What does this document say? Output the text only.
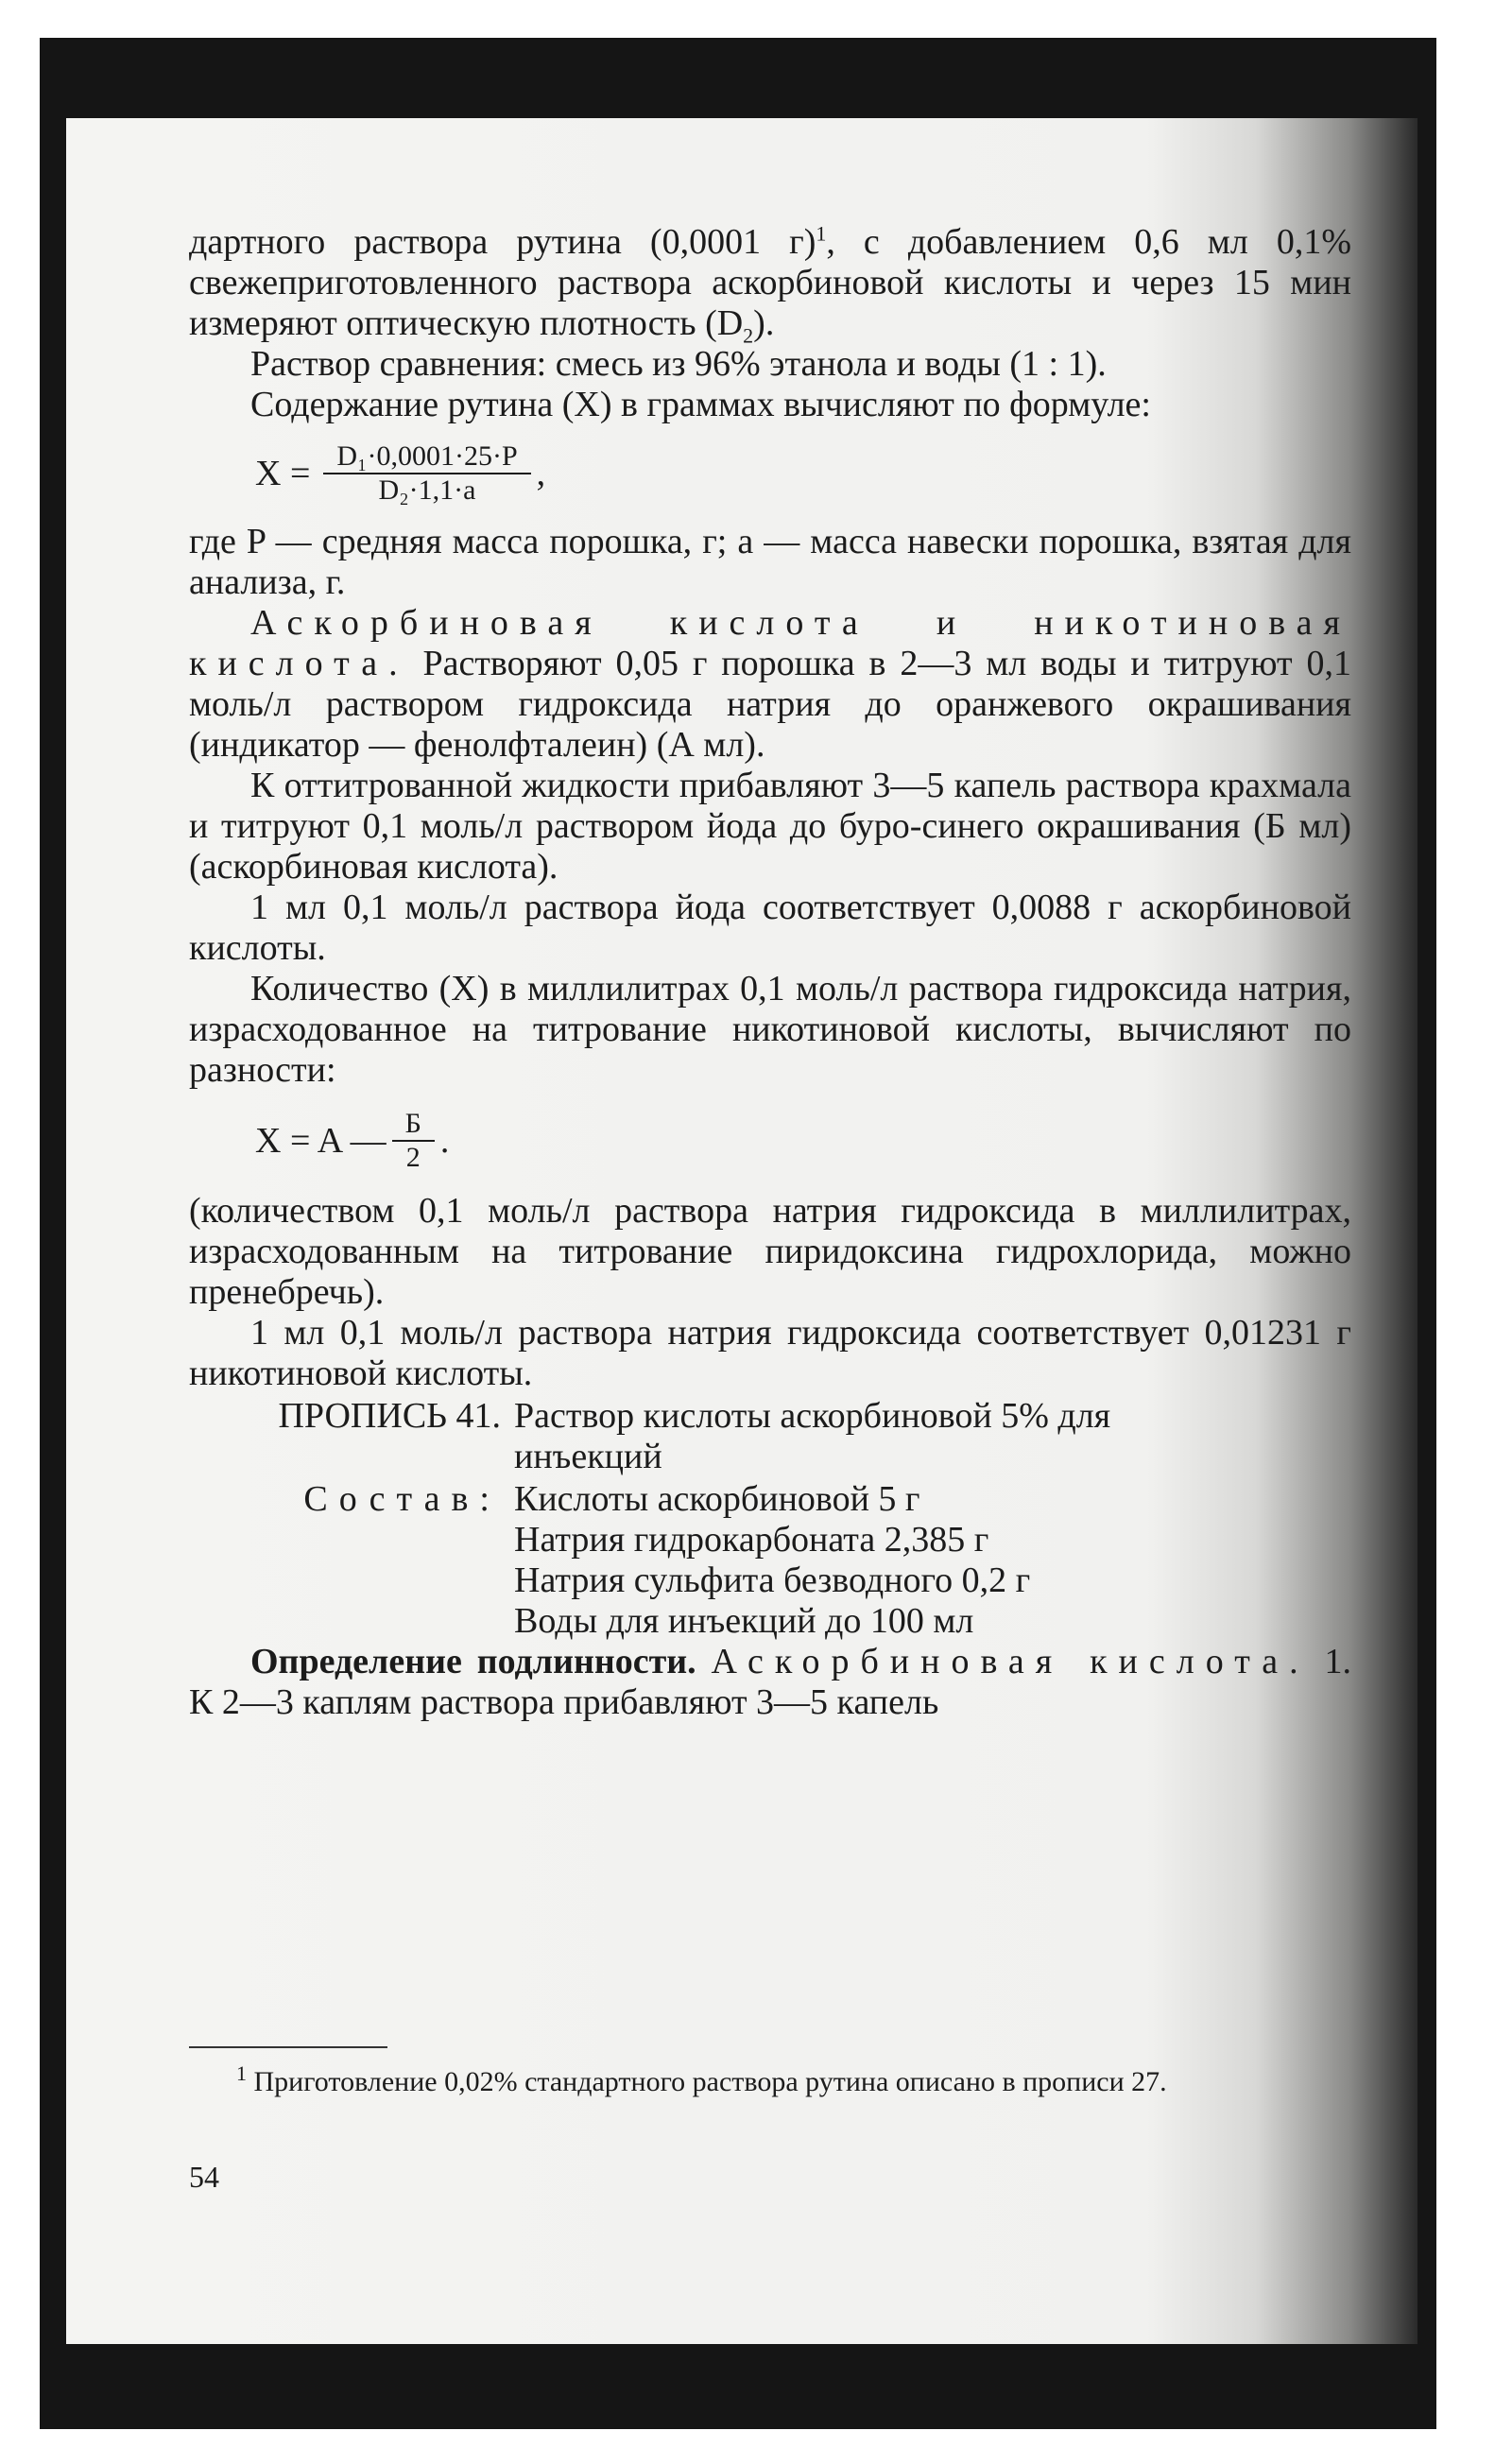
дартного раствора рутина (0,0001 г)$^1$, с добавлением 0,6 мл 0,1% свежеприготовленного раствора аскорбиновой кислоты и через 15 мин измеряют оптическую плотность $(D_2)$.

Раствор сравнения: смесь из 96% этанола и воды (1 : 1).

Содержание рутина (X) в граммах вычисляют по формуле:

$X = \frac{\text{D₁·0,0001·25·P}}{\text{D₂·1,1·a}}$ ,

где P — средняя масса порошка, г; а — масса навески порошка, взятая для анализа, г.

Аскорбиновая кислота и никотиновая кислота. Растворяют 0,05 г порошка в 2—3 мл воды и титруют 0,1 моль/л раствором гидроксида натрия до оранжевого окрашивания (индикатор — фенолфталеин) (А мл).

К оттитрованной жидкости прибавляют 3—5 капель раствора крахмала и титруют 0,1 моль/л раствором йода до буро-синего окрашивания (Б мл) (аскорбиновая кислота).

1 мл 0,1 моль/л раствора йода соответствует 0,0088 г аскорбиновой кислоты.

Количество (X) в миллилитрах 0,1 моль/л раствора гидроксида натрия, израсходованное на титрование никотиновой кислоты, вычисляют по разности:

X = A — $\frac{Б}{2}$ .

(количеством 0,1 моль/л раствора натрия гидроксида в миллилитрах, израсходованным на титрование пиридоксина гидрохлорида, можно пренебречь).

1 мл 0,1 моль/л раствора натрия гидроксида соответствует 0,01231 г никотиновой кислоты.

ПРОПИСЬ 41. Раствор кислоты аскорбиновой 5% для
инъекций
Состав: Кислоты аскорбиновой 5 г
Натрия гидрокарбоната 2,385 г
Натрия сульфита безводного 0,2 г
Воды для инъекций до 100 мл

Определение подлинности. Аскорбиновая кислота. 1. К 2—3 каплям раствора прибавляют 3—5 капель

$^1$ Приготовление 0,02% стандартного раствора рутина описано в прописи 27.
54
